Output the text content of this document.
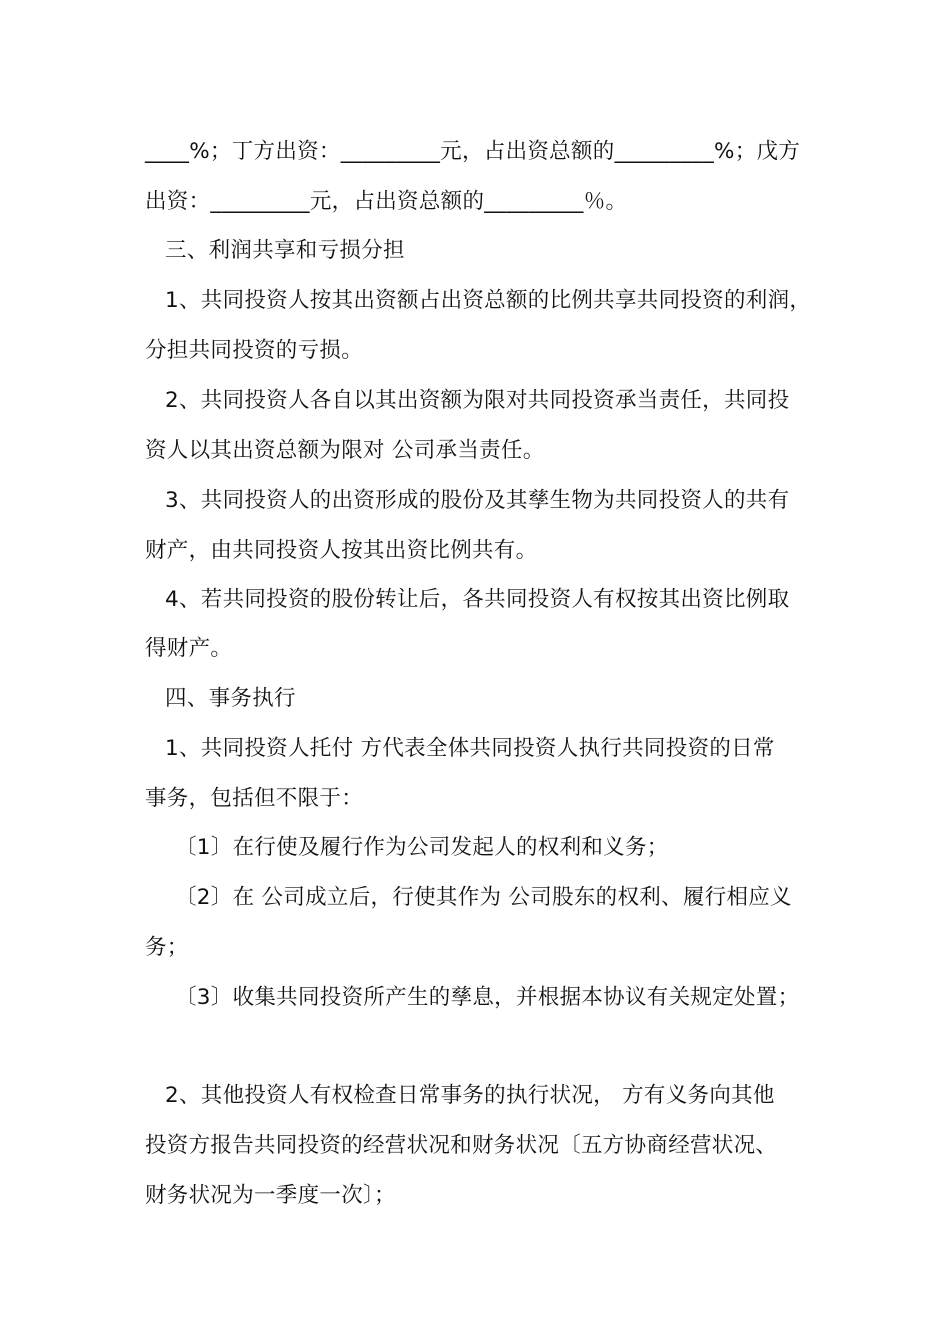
____%；丁方出资：_________元，占出资总额的_________%；戊方
出资：_________元，占出资总额的_________％。
三、利润共享和亏损分担
1、共同投资人按其出资额占出资总额的比例共享共同投资的利润，
分担共同投资的亏损。
2、共同投资人各自以其出资额为限对共同投资承当责任，共同投
资人以其出资总额为限对 公司承当责任。
3、共同投资人的出资形成的股份及其孳生物为共同投资人的共有
财产，由共同投资人按其出资比例共有。
4、若共同投资的股份转让后，各共同投资人有权按其出资比例取
得财产。
四、事务执行
1、共同投资人托付 方代表全体共同投资人执行共同投资的日常
事务，包括但不限于：
〔1〕在行使及履行作为公司发起人的权利和义务；
〔2〕在 公司成立后，行使其作为 公司股东的权利、履行相应义
务；
〔3〕收集共同投资所产生的孳息，并根据本协议有关规定处置；
2、其他投资人有权检查日常事务的执行状况， 方有义务向其他
投资方报告共同投资的经营状况和财务状况〔五方协商经营状况、
财务状况为一季度一次〕；
